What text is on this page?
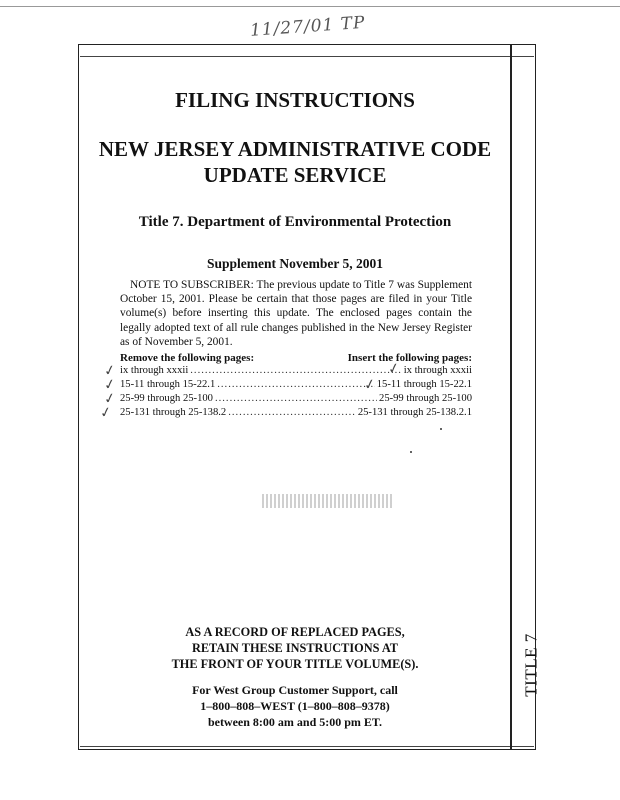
11/27/01 TP
TITLE 7
FILING INSTRUCTIONS
NEW JERSEY ADMINISTRATIVE CODE
UPDATE SERVICE
Title 7. Department of Environmental Protection
Supplement November 5, 2001
NOTE TO SUBSCRIBER: The previous update to Title 7 was Supplement October 15, 2001. Please be certain that those pages are filed in your Title volume(s) before inserting this update. The enclosed pages contain the legally adopted text of all rule changes published in the New Jersey Register as of November 5, 2001.
Remove the following pages:	Insert the following pages:
ix through xxxii .....	ix through xxxii
15-11 through 15-22.1 .....	15-11 through 15-22.1
25-99 through 25-100 .....	25-99 through 25-100
25-131 through 25-138.2 .....	25-131 through 25-138.2.1
✓
✓
✓
✓
✓
✓
AS A RECORD OF REPLACED PAGES,
RETAIN THESE INSTRUCTIONS AT
THE FRONT OF YOUR TITLE VOLUME(S).
For West Group Customer Support, call
1–800–808–WEST (1–800–808–9378)
between 8:00 am and 5:00 pm ET.
